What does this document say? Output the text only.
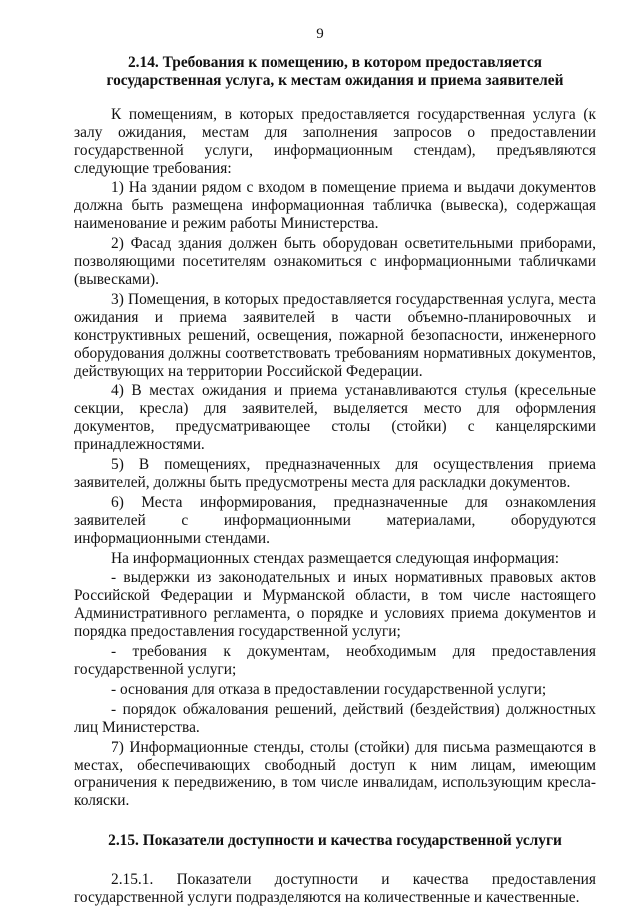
9
2.14. Требования к помещению, в котором предоставляется государственная услуга, к местам ожидания и приема заявителей

К помещениям, в которых предоставляется государственная услуга (к залу ожидания, местам для заполнения запросов о предоставлении государственной услуги, информационным стендам), предъявляются следующие требования:

1) На здании рядом с входом в помещение приема и выдачи документов должна быть размещена информационная табличка (вывеска), содержащая наименование и режим работы Министерства.

2) Фасад здания должен быть оборудован осветительными приборами, позволяющими посетителям ознакомиться с информационными табличками (вывесками).

3) Помещения, в которых предоставляется государственная услуга, места ожидания и приема заявителей в части объемно-планировочных и конструктивных решений, освещения, пожарной безопасности, инженерного оборудования должны соответствовать требованиям нормативных документов, действующих на территории Российской Федерации.

4) В местах ожидания и приема устанавливаются стулья (кресельные секции, кресла) для заявителей, выделяется место для оформления документов, предусматривающее столы (стойки) с канцелярскими принадлежностями.

5) В помещениях, предназначенных для осуществления приема заявителей, должны быть предусмотрены места для раскладки документов.

6) Места информирования, предназначенные для ознакомления заявителей с информационными материалами, оборудуются информационными стендами.

На информационных стендах размещается следующая информация:

- выдержки из законодательных и иных нормативных правовых актов Российской Федерации и Мурманской области, в том числе настоящего Административного регламента, о порядке и условиях приема документов и порядка предоставления государственной услуги;

- требования к документам, необходимым для предоставления государственной услуги;

- основания для отказа в предоставлении государственной услуги;

- порядок обжалования решений, действий (бездействия) должностных лиц Министерства.

7) Информационные стенды, столы (стойки) для письма размещаются в местах, обеспечивающих свободный доступ к ним лицам, имеющим ограничения к передвижению, в том числе инвалидам, использующим кресла-коляски.

2.15. Показатели доступности и качества государственной услуги

2.15.1. Показатели доступности и качества предоставления государственной услуги подразделяются на количественные и качественные.
